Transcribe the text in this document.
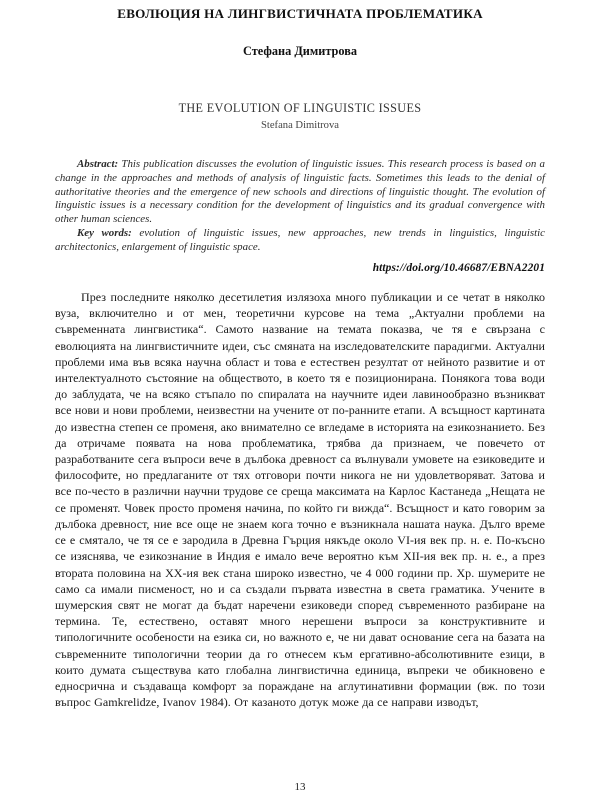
ЕВОЛЮЦИЯ НА ЛИНГВИСТИЧНАТА ПРОБЛЕМАТИКА
Стефана Димитрова
THE EVOLUTION OF LINGUISTIC ISSUES
Stefana Dimitrova

Abstract: This publication discusses the evolution of linguistic issues. This research process is based on a change in the approaches and methods of analysis of linguistic facts. Sometimes this leads to the denial of authoritative theories and the emergence of new schools and directions of linguistic thought. The evolution of linguistic issues is a necessary condition for the development of linguistics and its gradual convergence with other human sciences.

Key words: evolution of linguistic issues, new approaches, new trends in linguistics, linguistic architectonics, enlargement of linguistic space.

https://doi.org/10.46687/EBNA2201

През последните няколко десетилетия излязоха много публикации и се четат в няколко вуза, включително и от мен, теоретични курсове на тема „Актуални проблеми на съвременната лингвистика“. Самото название на темата показва, че тя е свързана с еволюцията на лингвистичните идеи, със смяната на изследователските парадигми. Актуални проблеми има във всяка научна област и това е естествен резултат от нейното развитие и от интелектуалното състояние на обществото, в което тя е позиционирана. Понякога това води до заблудата, че на всяко стъпало по спиралата на научните идеи лавинообразно възникват все нови и нови проблеми, неизвестни на учените от по-ранните етапи. А всъщност картината до известна степен се променя, ако внимателно се вгледаме в историята на езикознанието. Без да отричаме появата на нова проблематика, трябва да признаем, че повечето от разработваните сега въпроси вече в дълбока древност са вълнували умовете на езиковедите и философите, но предлаганите от тях отговори почти никога не ни удовлетворяват. Затова и все по-често в различни научни трудове се среща максимата на Карлос Кастанеда „Нещата не се променят. Човек просто променя начина, по който ги вижда“. Всъщност и като говорим за дълбока древност, ние все още не знаем кога точно е възникнала нашата наука. Дълго време се е смятало, че тя се е зародила в Древна Гърция някъде около VI-ия век пр. н. е. По-късно се изяснява, че езикознание в Индия е имало вече вероятно към XII-ия век пр. н. е., а през втората половина на ХХ-ия век стана широко известно, че 4 000 години пр. Хр. шумерите не само са имали писменост, но и са създали първата известна в света граматика. Учените в шумерския свят не могат да бъдат наречени езиковеди според съвременното разбиране на термина. Те, естествено, оставят много нерешени въпроси за конструктивните и типологичните особености на езика си, но важното е, че ни дават основание сега на базата на съвременните типологични теории да го отнесем към ергативно-абсолютивните езици, в които думата съществува като глобална лингвистична единица, въпреки че обикновено е едносрична и създаваща комфорт за пораждане на аглутинативни формации (вж. по този въпрос Gamkrelidze, Ivanov 1984). От казаното дотук може да се направи изводът,

13
